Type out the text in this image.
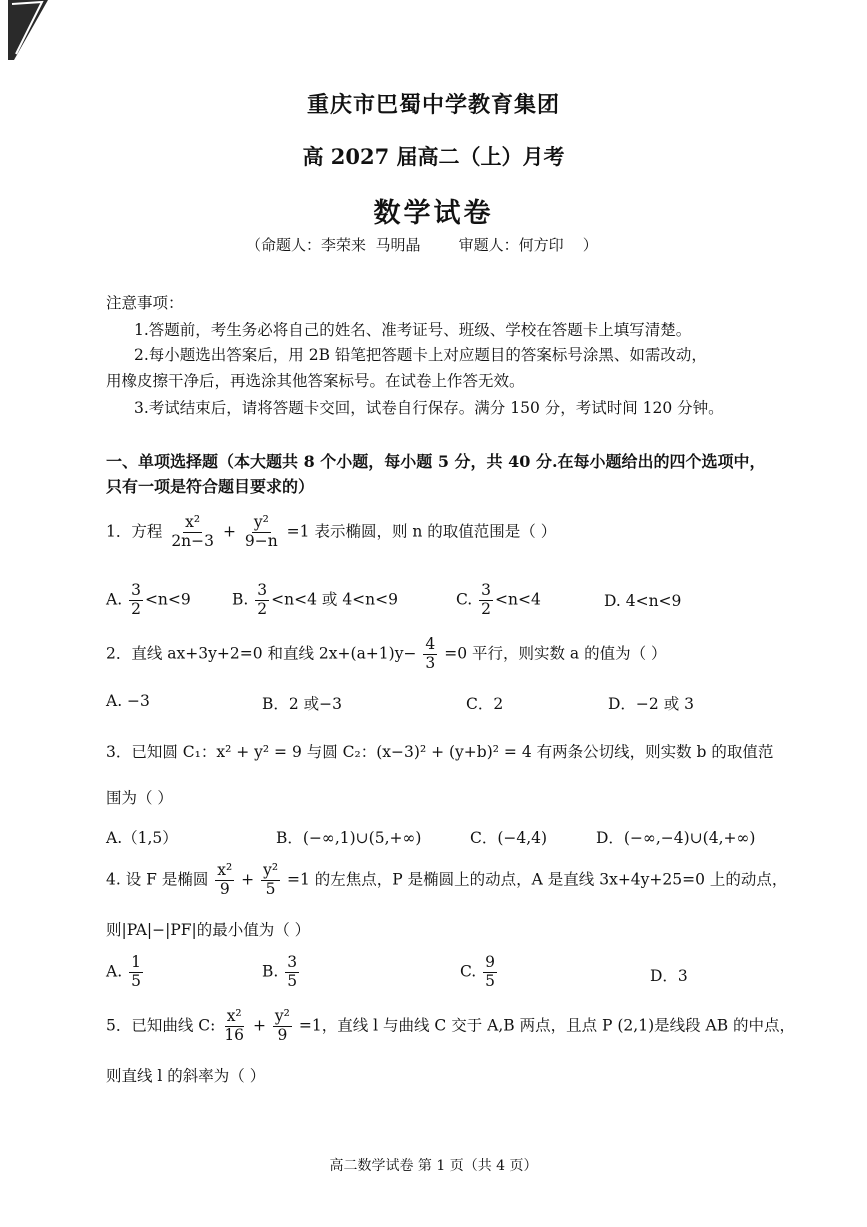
重庆市巴蜀中学教育集团
高 2027 届高二（上）月考
数学试卷
（命题人：李荣来  马明晶        审题人：何方印    ）
注意事项：
1.答题前，考生务必将自己的姓名、准考证号、班级、学校在答题卡上填写清楚。
2.每小题选出答案后，用 2B 铅笔把答题卡上对应题目的答案标号涂黑、如需改动，
用橡皮擦干净后，再选涂其他答案标号。在试卷上作答无效。
3.考试结束后，请将答题卡交回，试卷自行保存。满分 150 分，考试时间 120 分钟。
一、单项选择题（本大题共 8 个小题，每小题 5 分，共 40 分.在每小题给出的四个选项中，
只有一项是符合题目要求的）
1．方程 $\frac{\text{x²}}{2n-3} + \frac{\text{y²}}{9-n} =1$ 表示椭圆，则 n 的取值范围是（ ）
A. $\frac{3}{2} <n<9$	B. $\frac{3}{2} <n<4$ 或 4<n<9	C. $\frac{3}{2} <n<4$	D. 4<n<9
2．直线 ax+3y+2=0 和直线 $2x+(a+1)y- \frac{4}{3} =0$ 平行，则实数 a 的值为（ ）
A. −3	B．2 或−3	C．2	D．−2 或 3
3．已知圆 C₁：x² + y² = 9 与圆 C₂：(x−3)² + (y+b)² = 4 有两条公切线，则实数 b 的取值范
围为（ ）
A.（1,5）	B．(−∞,1)∪(5,+∞)	C．(−4,4)	D．(−∞,−4)∪(4,+∞)
4. 设 F 是椭圆 $\frac{\text{x²}}{9} + \frac{\text{y²}}{5} =1$ 的左焦点，P 是椭圆上的动点，A 是直线 3x+4y+25=0 上的动点，
则|PA|−|PF|的最小值为（ ）
A. $\frac{1}{5}$	B. $\frac{3}{5}$	C. $\frac{9}{5}$	D．3
5．已知曲线 C: $\frac{\text{x²}}{16} + \frac{\text{y²}}{9} =1$，直线 l 与曲线 C 交于 A,B 两点，且点 P (2,1)是线段 AB 的中点，
则直线 l 的斜率为（ ）
高二数学试卷 第 1 页（共 4 页）
